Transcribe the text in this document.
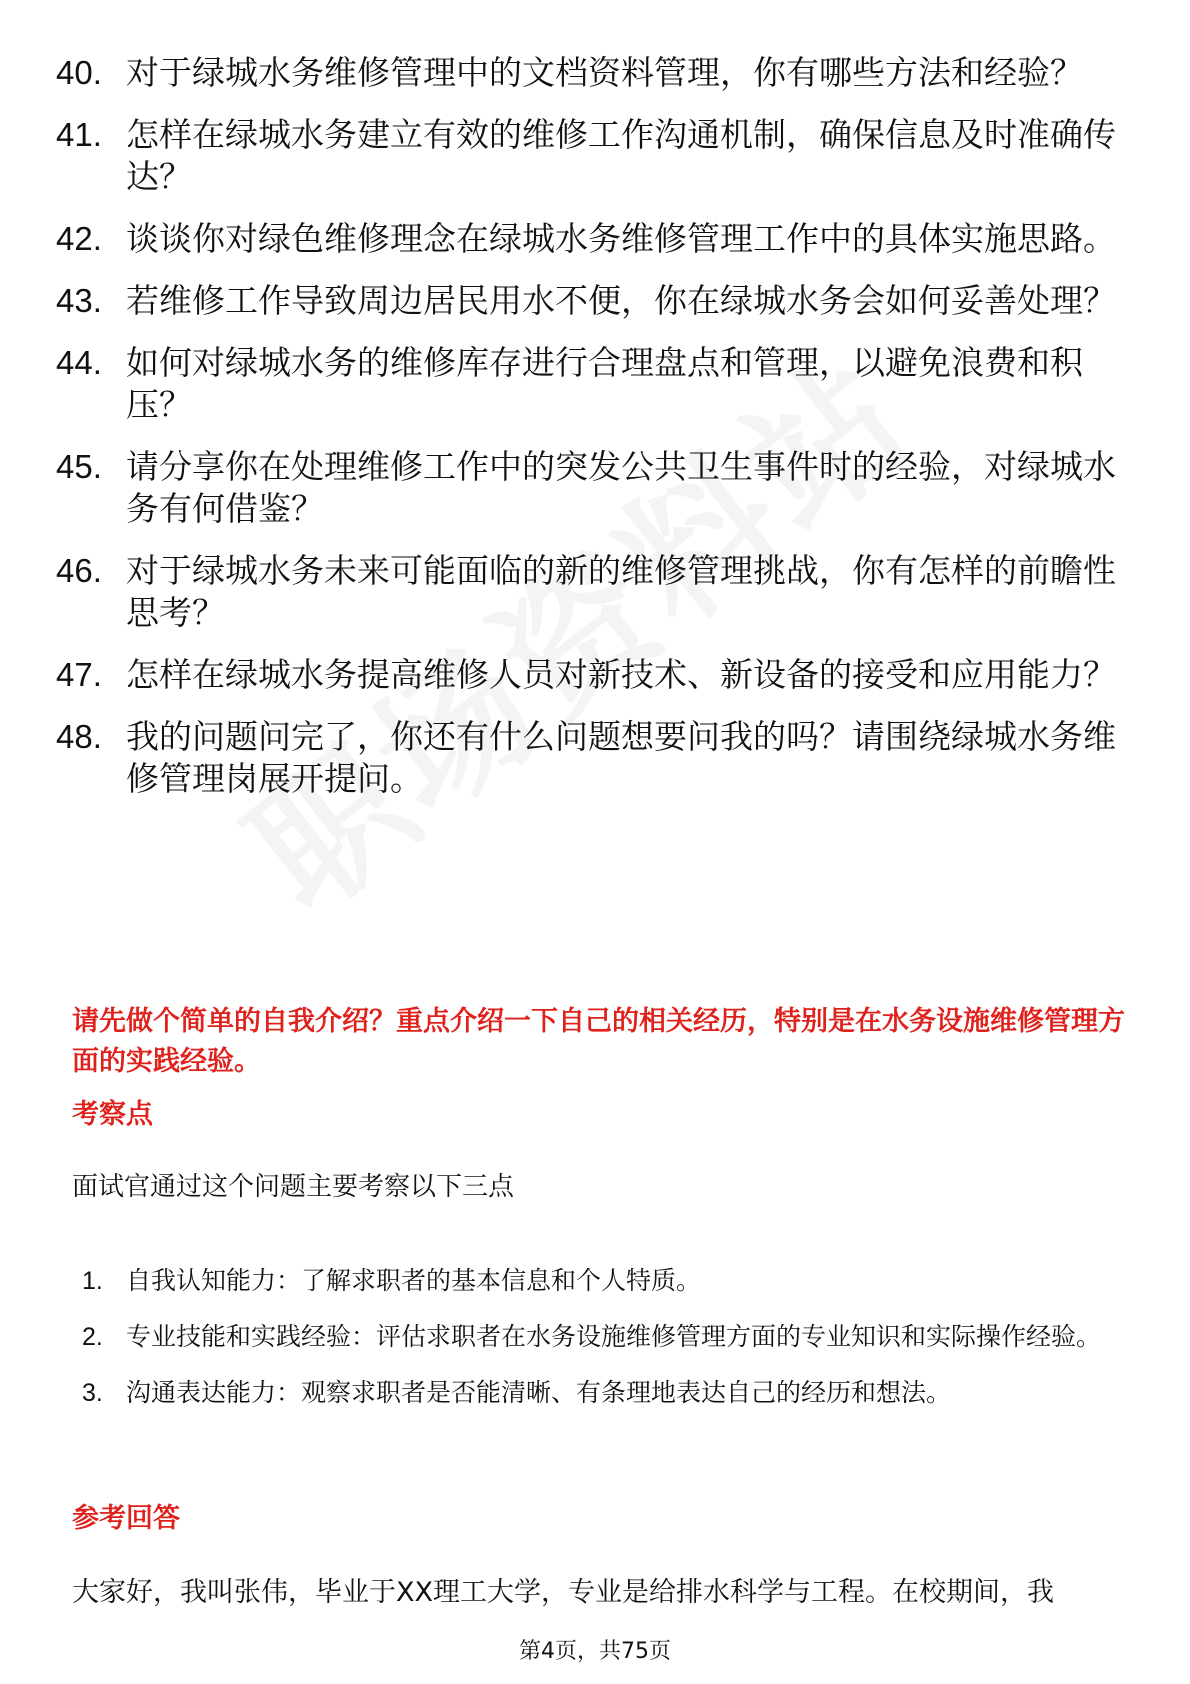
40. 对于绿城水务维修管理中的文档资料管理，你有哪些方法和经验？
41. 怎样在绿城水务建立有效的维修工作沟通机制，确保信息及时准确传达？
42. 谈谈你对绿色维修理念在绿城水务维修管理工作中的具体实施思路。
43. 若维修工作导致周边居民用水不便，你在绿城水务会如何妥善处理？
44. 如何对绿城水务的维修库存进行合理盘点和管理，以避免浪费和积压？
45. 请分享你在处理维修工作中的突发公共卫生事件时的经验，对绿城水务有何借鉴？
46. 对于绿城水务未来可能面临的新的维修管理挑战，你有怎样的前瞻性思考？
47. 怎样在绿城水务提高维修人员对新技术、新设备的接受和应用能力？
48. 我的问题问完了，你还有什么问题想要问我的吗？请围绕绿城水务维修管理岗展开提问。
请先做个简单的自我介绍？重点介绍一下自己的相关经历，特别是在水务设施维修管理方面的实践经验。
考察点
面试官通过这个问题主要考察以下三点
1. 自我认知能力：了解求职者的基本信息和个人特质。
2. 专业技能和实践经验：评估求职者在水务设施维修管理方面的专业知识和实际操作经验。
3. 沟通表达能力：观察求职者是否能清晰、有条理地表达自己的经历和想法。
参考回答
大家好，我叫张伟，毕业于XX理工大学，专业是给排水科学与工程。在校期间，我
第4页，共75页
